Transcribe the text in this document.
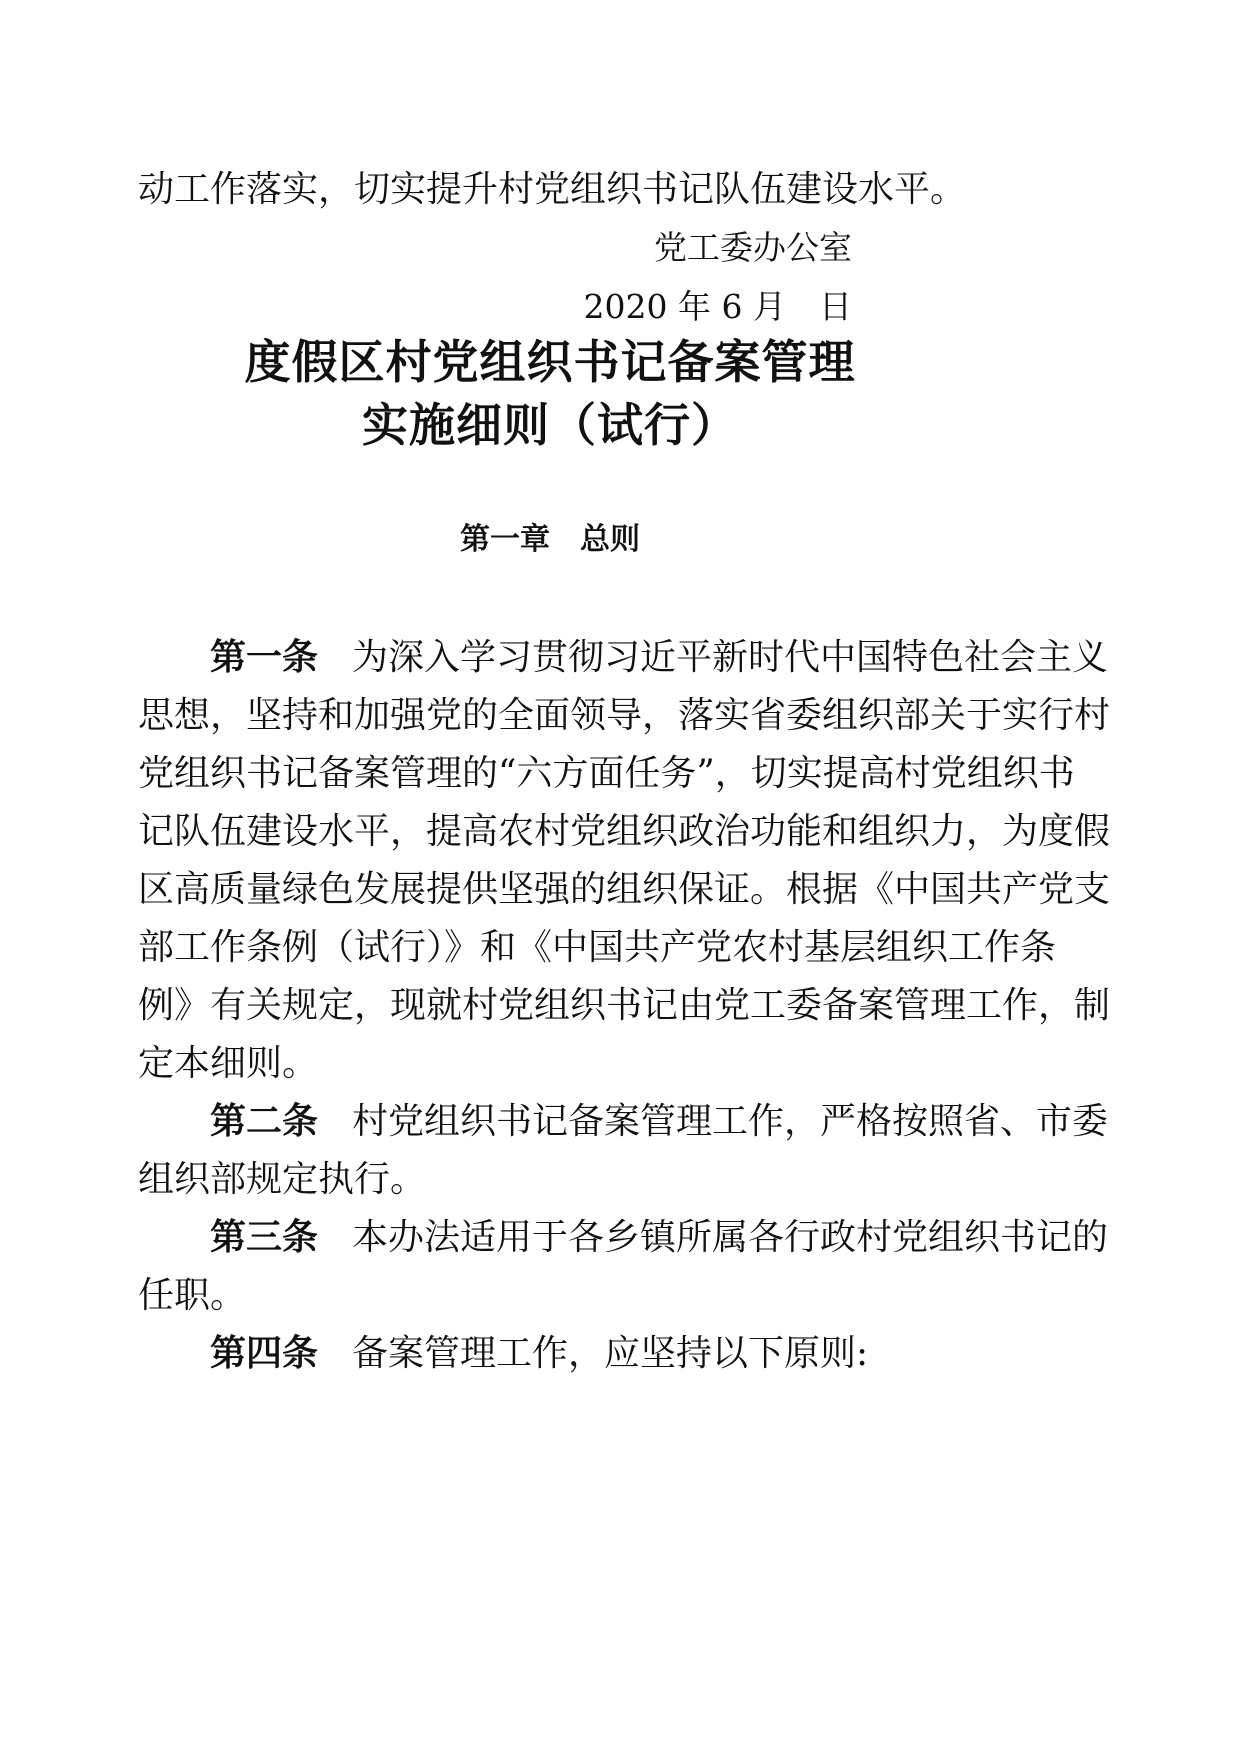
动工作落实，切实提升村党组织书记队伍建设水平。
党工委办公室
2020 年 6 月　日
度假区村党组织书记备案管理
实施细则（试行）
第一章　总则
第一条 为深入学习贯彻习近平新时代中国特色社会主义
思想，坚持和加强党的全面领导，落实省委组织部关于实行村
党组织书记备案管理的“六方面任务”，切实提高村党组织书
记队伍建设水平，提高农村党组织政治功能和组织力，为度假
区高质量绿色发展提供坚强的组织保证。根据《中国共产党支
部工作条例（试行）》和《中国共产党农村基层组织工作条
例》有关规定，现就村党组织书记由党工委备案管理工作，制
定本细则。
第二条 村党组织书记备案管理工作，严格按照省、市委
组织部规定执行。
第三条 本办法适用于各乡镇所属各行政村党组织书记的
任职。
第四条 备案管理工作，应坚持以下原则:
